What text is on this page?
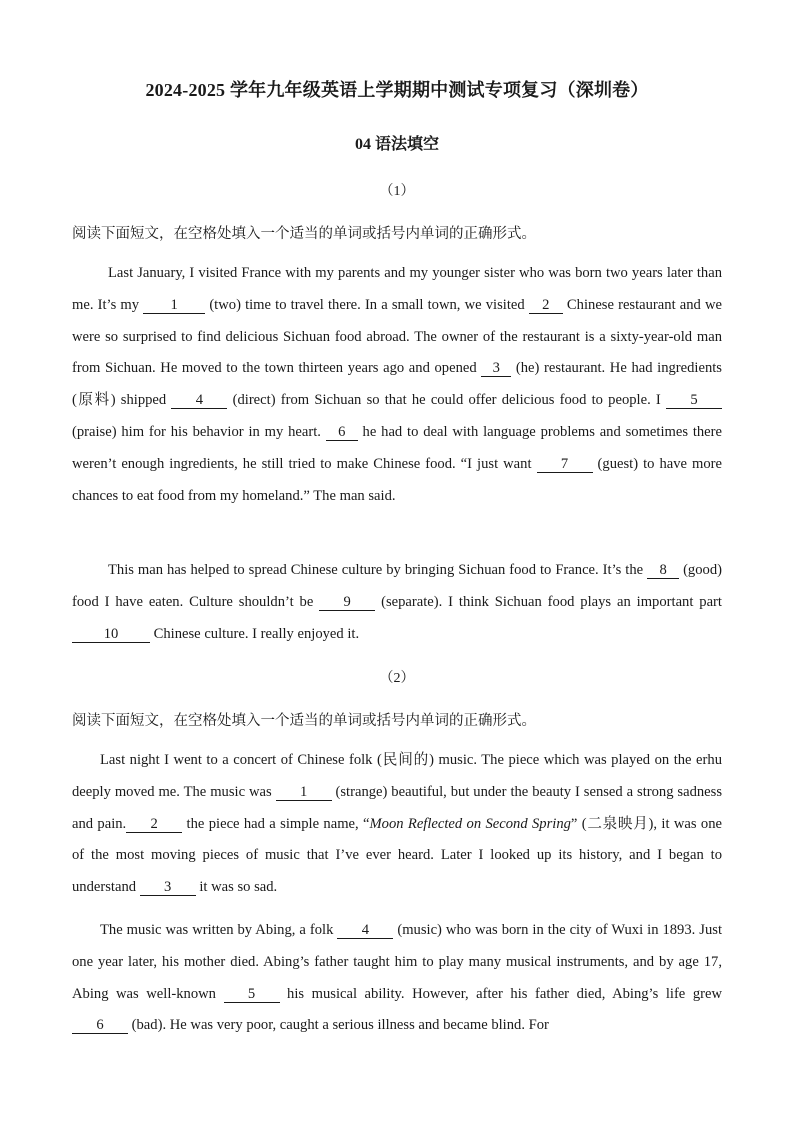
2024-2025 学年九年级英语上学期期中测试专项复习（深圳卷）
04 语法填空
（1）
阅读下面短文，在空格处填入一个适当的单词或括号内单词的正确形式。
Last January, I visited France with my parents and my younger sister who was born two years later than me. It’s my 1 (two) time to travel there. In a small town, we visited 2 Chinese restaurant and we were so surprised to find delicious Sichuan food abroad. The owner of the restaurant is a sixty-year-old man from Sichuan. He moved to the town thirteen years ago and opened 3 (he) restaurant. He had ingredients (原料) shipped 4 (direct) from Sichuan so that he could offer delicious food to people. I 5 (praise) him for his behavior in my heart. 6 he had to deal with language problems and sometimes there weren’t enough ingredients, he still tried to make Chinese food. “I just want 7 (guest) to have more chances to eat food from my homeland.” The man said.
This man has helped to spread Chinese culture by bringing Sichuan food to France. It’s the 8 (good) food I have eaten. Culture shouldn’t be 9 (separate). I think Sichuan food plays an important part 10 Chinese culture. I really enjoyed it.
（2）
阅读下面短文，在空格处填入一个适当的单词或括号内单词的正确形式。
Last night I went to a concert of Chinese folk (民间的) music. The piece which was played on the erhu deeply moved me. The music was 1 (strange) beautiful, but under the beauty I sensed a strong sadness and pain. 2 the piece had a simple name, “Moon Reflected on Second Spring” (二泉映月), it was one of the most moving pieces of music that I’ve ever heard. Later I looked up its history, and I began to understand 3 it was so sad.
The music was written by Abing, a folk 4 (music) who was born in the city of Wuxi in 1893. Just one year later, his mother died. Abing’s father taught him to play many musical instruments, and by age 17, Abing was well-known 5 his musical ability. However, after his father died, Abing’s life grew 6 (bad). He was very poor, caught a serious illness and became blind. For
